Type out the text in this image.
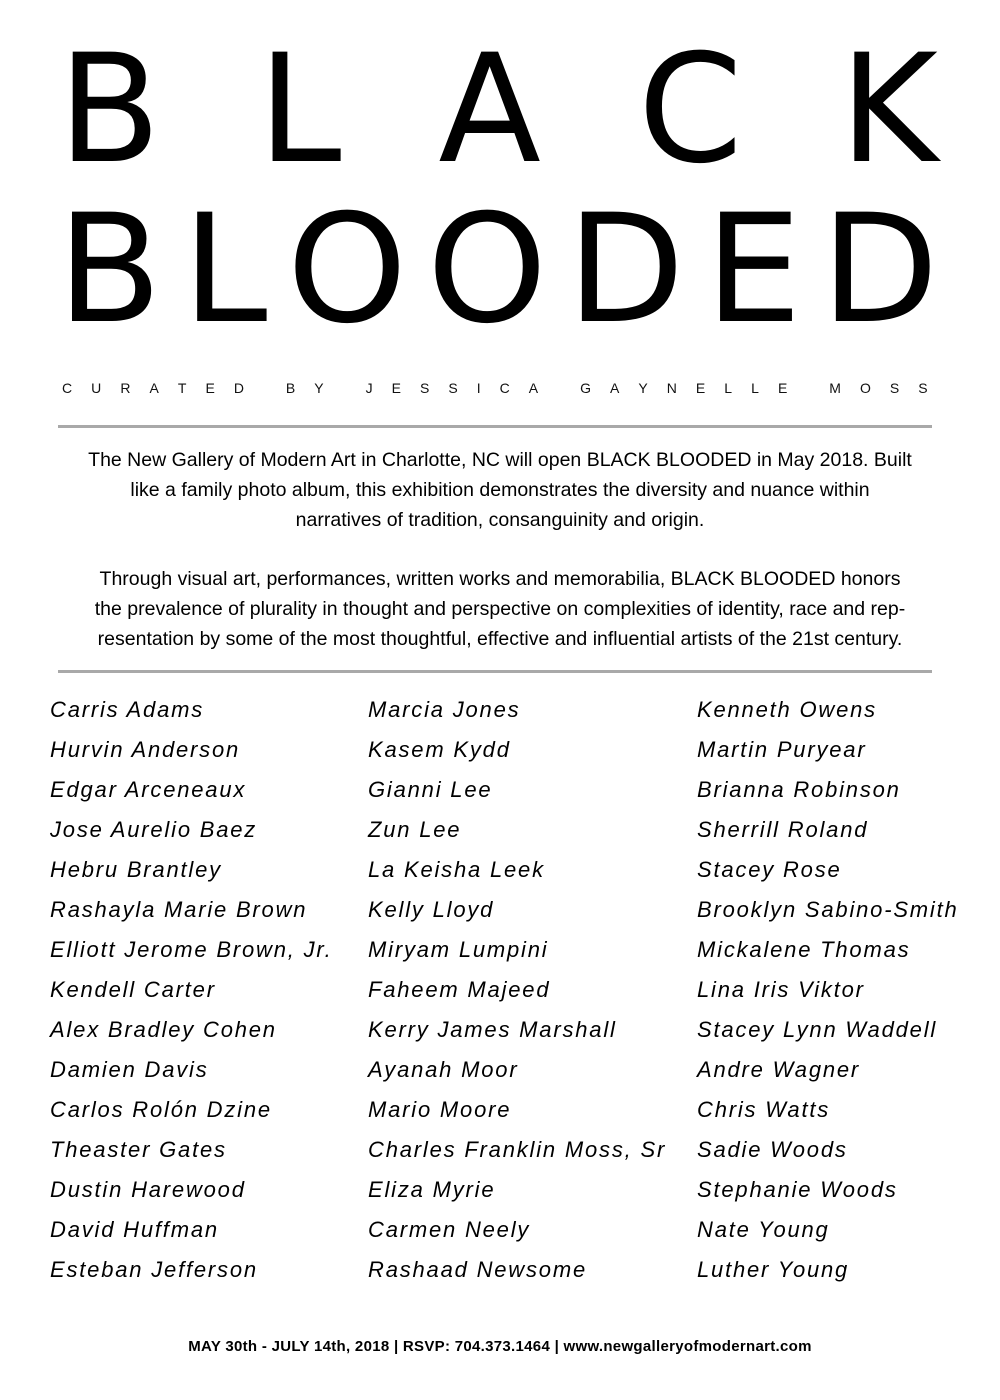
B L A C K
B L O O D E D
C U R A T E D
	B Y
	J E S S I C A
	G A Y N E L L E
	M O S S
The New Gallery of Modern Art in Charlotte, NC will open BLACK BLOODED in May 2018. Built
like a family photo album, this exhibition demonstrates the diversity and nuance within
narratives of tradition, consanguinity and origin.
Through visual art, performances, written works and memorabilia, BLACK BLOODED honors
the prevalence of plurality in thought and perspective on complexities of identity, race and rep-
resentation by some of the most thoughtful, effective and influential artists of the 21st century.
Carris Adams
Hurvin Anderson
Edgar Arceneaux
Jose Aurelio Baez
Hebru Brantley
Rashayla Marie Brown
Elliott Jerome Brown, Jr.
Kendell Carter
Alex Bradley Cohen
Damien Davis
Carlos Rolón Dzine
Theaster Gates
Dustin Harewood
David Huffman
Esteban Jefferson
Marcia Jones
Kasem Kydd
Gianni Lee
Zun Lee
La Keisha Leek
Kelly Lloyd
Miryam Lumpini
Faheem Majeed
Kerry James Marshall
Ayanah Moor
Mario Moore
Charles Franklin Moss, Sr
Eliza Myrie
Carmen Neely
Rashaad Newsome
Kenneth Owens
Martin Puryear
Brianna Robinson
Sherrill Roland
Stacey Rose
Brooklyn Sabino-Smith
Mickalene Thomas
Lina Iris Viktor
Stacey Lynn Waddell
Andre Wagner
Chris Watts
Sadie Woods
Stephanie Woods
Nate Young
Luther Young
MAY 30th - JULY 14th, 2018 | RSVP: 704.373.1464 | www.newgalleryofmodernart.com
